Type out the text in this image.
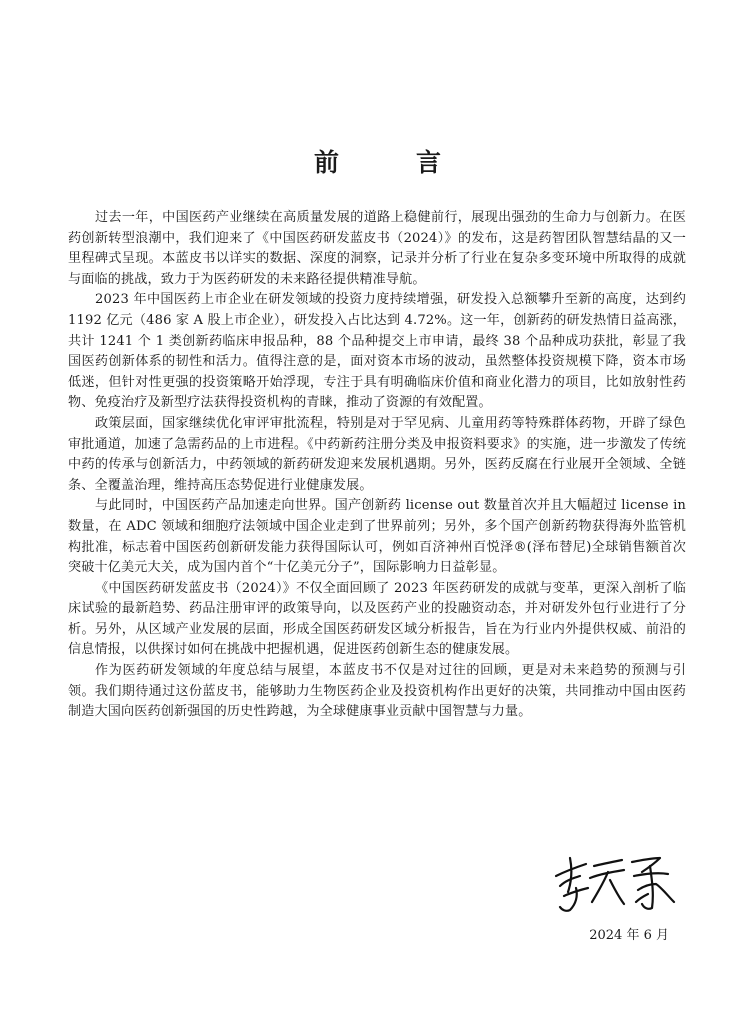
前　言

过去一年，中国医药产业继续在高质量发展的道路上稳健前行，展现出强劲的生命力与创新力。在医药创新转型浪潮中，我们迎来了《中国医药研发蓝皮书（2024）》的发布，这是药智团队智慧结晶的又一里程碑式呈现。本蓝皮书以详实的数据、深度的洞察，记录并分析了行业在复杂多变环境中所取得的成就与面临的挑战，致力于为医药研发的未来路径提供精准导航。

2023 年中国医药上市企业在研发领域的投资力度持续增强，研发投入总额攀升至新的高度，达到约 1192 亿元（486 家 A 股上市企业），研发投入占比达到 4.72%。这一年，创新药的研发热情日益高涨，共计 1241 个 1 类创新药临床申报品种，88 个品种提交上市申请，最终 38 个品种成功获批，彰显了我国医药创新体系的韧性和活力。值得注意的是，面对资本市场的波动，虽然整体投资规模下降，资本市场低迷，但针对性更强的投资策略开始浮现，专注于具有明确临床价值和商业化潜力的项目，比如放射性药物、免疫治疗及新型疗法获得投资机构的青睐，推动了资源的有效配置。

政策层面，国家继续优化审评审批流程，特别是对于罕见病、儿童用药等特殊群体药物，开辟了绿色审批通道，加速了急需药品的上市进程。《中药新药注册分类及申报资料要求》的实施，进一步激发了传统中药的传承与创新活力，中药领域的新药研发迎来发展机遇期。另外，医药反腐在行业展开全领域、全链条、全覆盖治理，维持高压态势促进行业健康发展。

与此同时，中国医药产品加速走向世界。国产创新药 license out 数量首次并且大幅超过 license in 数量，在 ADC 领域和细胞疗法领域中国企业走到了世界前列；另外，多个国产创新药物获得海外监管机构批准，标志着中国医药创新研发能力获得国际认可，例如百济神州百悦泽®(泽布替尼)全球销售额首次突破十亿美元大关，成为国内首个“十亿美元分子”，国际影响力日益彰显。

《中国医药研发蓝皮书（2024）》不仅全面回顾了 2023 年医药研发的成就与变革，更深入剖析了临床试验的最新趋势、药品注册审评的政策导向，以及医药产业的投融资动态，并对研发外包行业进行了分析。另外，从区域产业发展的层面，形成全国医药研发区域分析报告，旨在为行业内外提供权威、前沿的信息情报，以供探讨如何在挑战中把握机遇，促进医药创新生态的健康发展。

作为医药研发领域的年度总结与展望，本蓝皮书不仅是对过往的回顾，更是对未来趋势的预测与引领。我们期待通过这份蓝皮书，能够助力生物医药企业及投资机构作出更好的决策，共同推动中国由医药制造大国向医药创新强国的历史性跨越，为全球健康事业贡献中国智慧与力量。

2024 年 6 月
